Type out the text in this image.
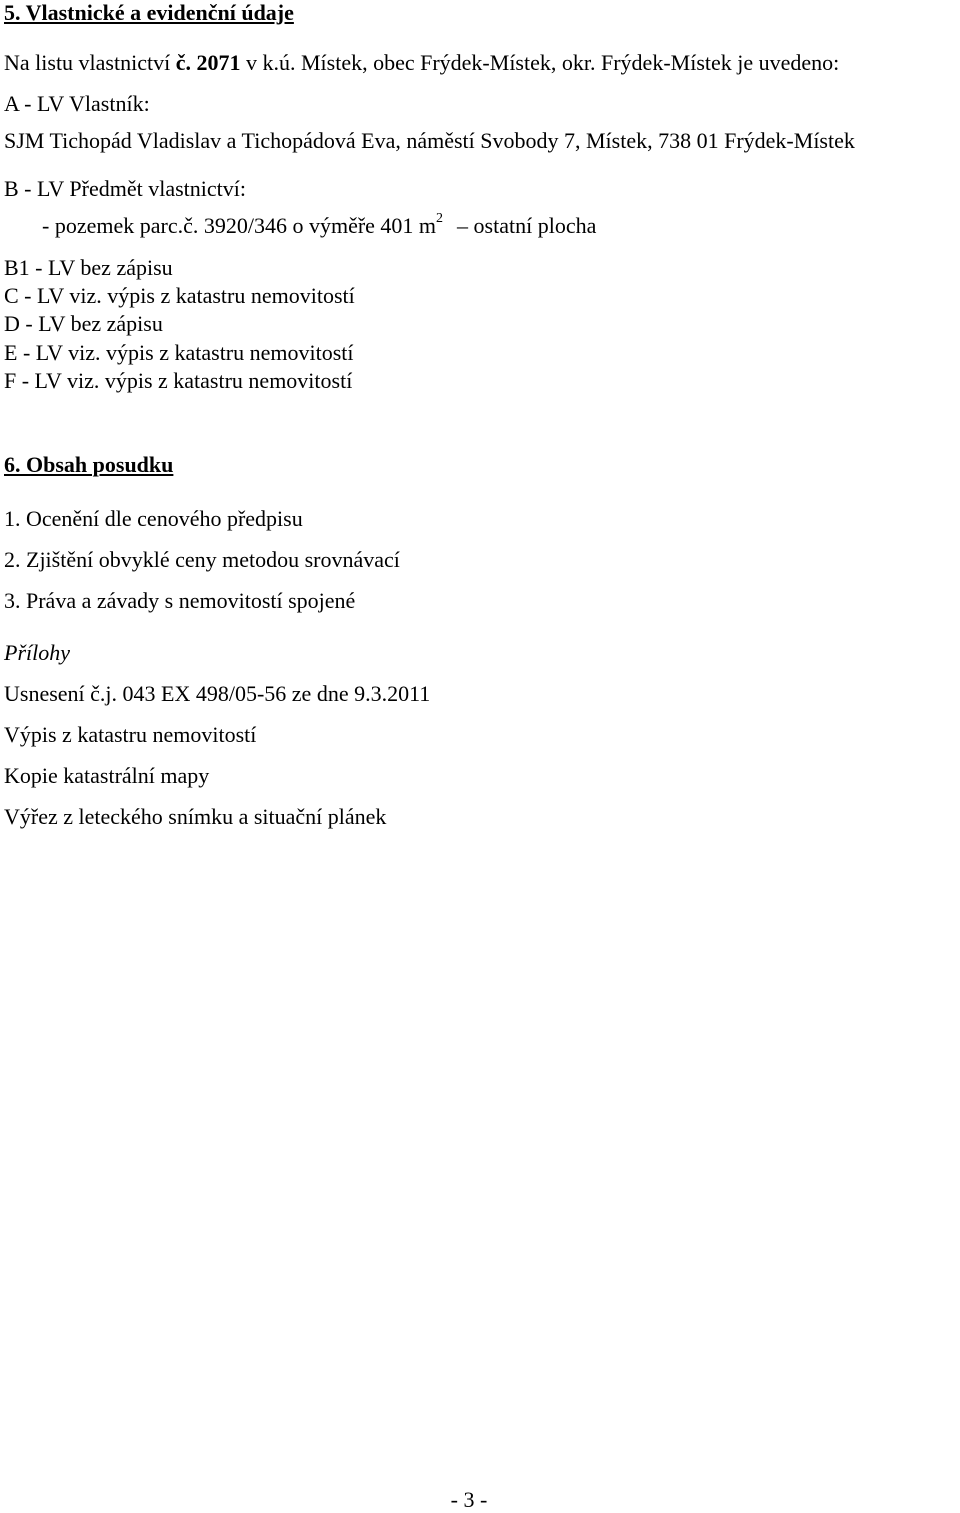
5. Vlastnické a evidenční údaje
Na listu vlastnictví č. 2071 v k.ú. Místek, obec Frýdek-Místek, okr. Frýdek-Místek je uvedeno:
A - LV Vlastník:
SJM Tichopád Vladislav a Tichopádová Eva, náměstí Svobody 7, Místek, 738 01 Frýdek-Místek
B - LV Předmět vlastnictví:
- pozemek parc.č. 3920/346 o výměře 401 $m^2$ – ostatní plocha
B1 - LV bez zápisu
C - LV viz. výpis z katastru nemovitostí
D - LV bez zápisu
E - LV viz. výpis z katastru nemovitostí
F - LV viz. výpis z katastru nemovitostí
6. Obsah posudku
1. Ocenění dle cenového předpisu
2. Zjištění obvyklé ceny metodou srovnávací
3. Práva a závady s nemovitostí spojené
Přílohy
Usnesení č.j. 043 EX 498/05-56 ze dne 9.3.2011
Výpis z katastru nemovitostí
Kopie katastrální mapy
Výřez z leteckého snímku a situační plánek
- 3 -
